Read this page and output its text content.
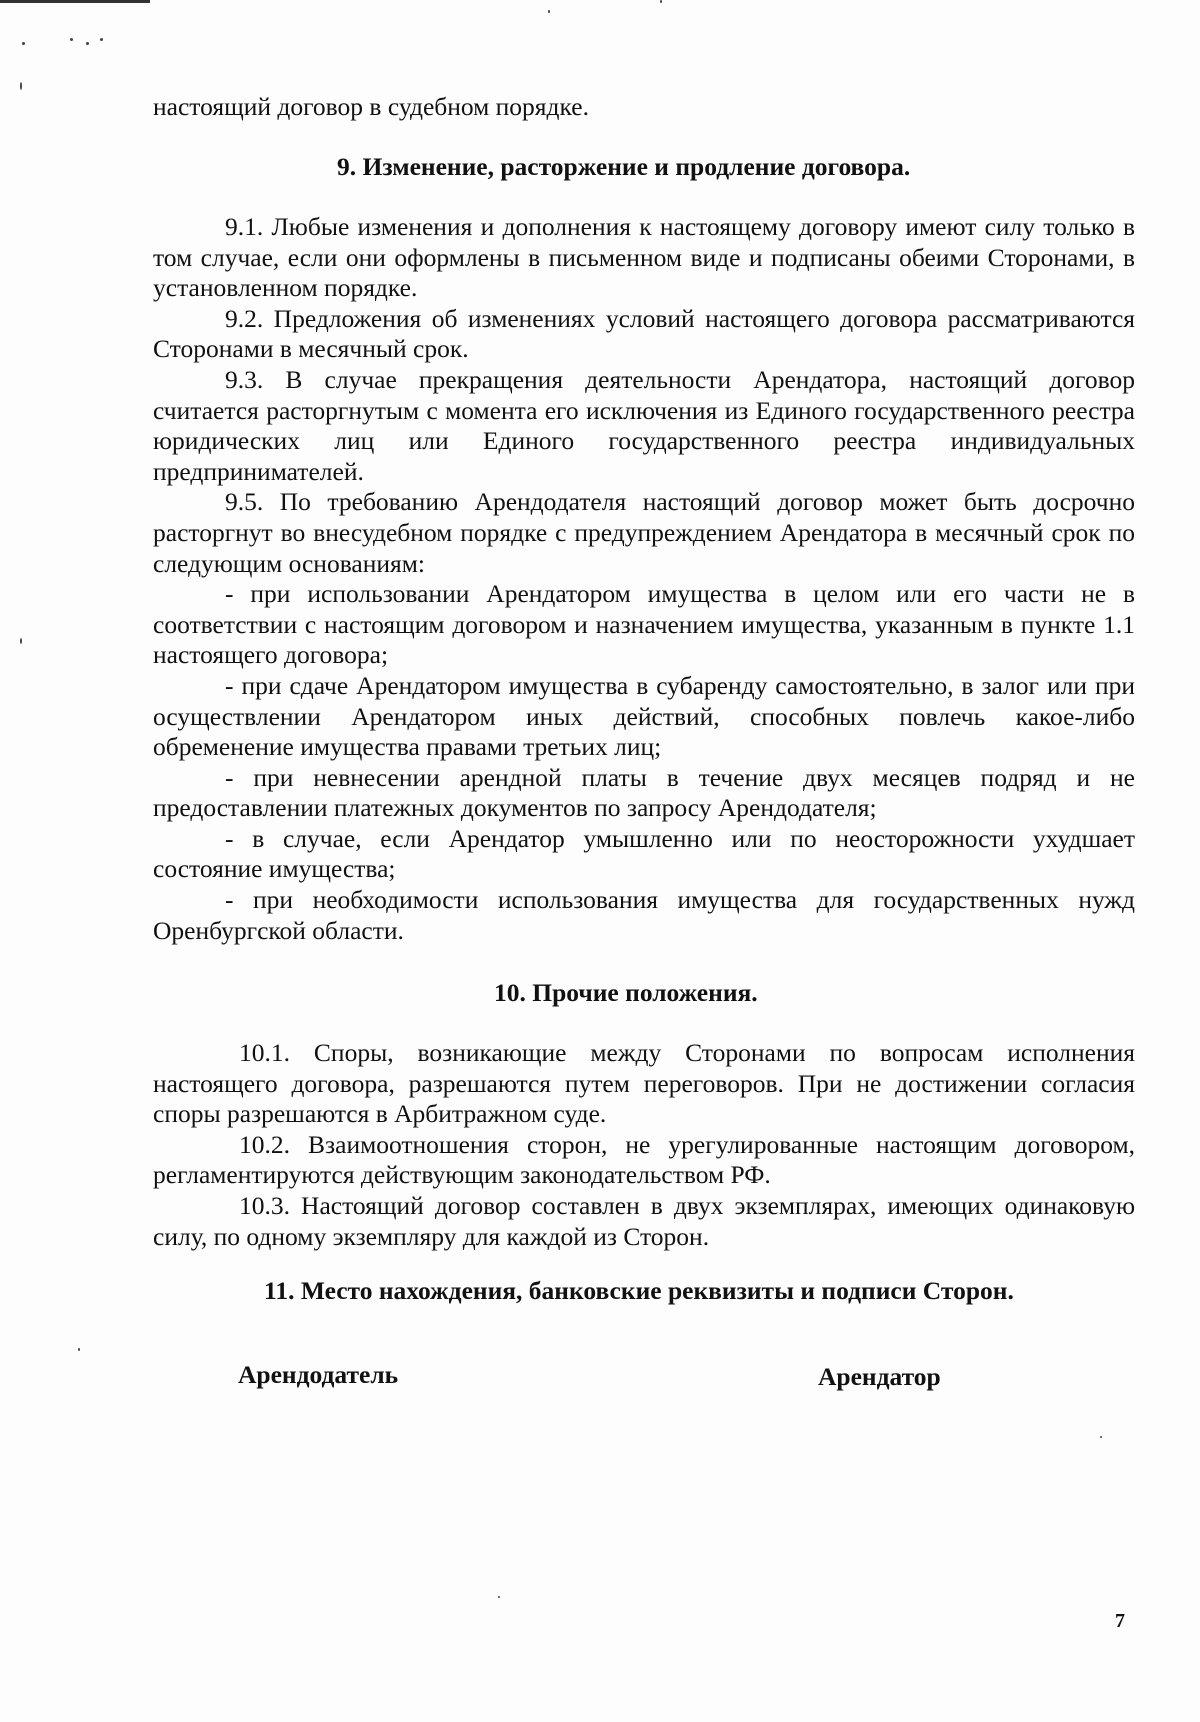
настоящий договор в судебном порядке.

9. Изменение, расторжение и продление договора.

9.1. Любые изменения и дополнения к настоящему договору имеют силу только в том случае, если они оформлены в письменном виде и подписаны обеими Сторонами, в установленном порядке.

9.2. Предложения об изменениях условий настоящего договора рассматриваются Сторонами в месячный срок.

9.3. В случае прекращения деятельности Арендатора, настоящий договор считается расторгнутым с момента его исключения из Единого государственного реестра юридических лиц или Единого государственного реестра индивидуальных предпринимателей.

9.5. По требованию Арендодателя настоящий договор может быть досрочно расторгнут во внесудебном порядке с предупреждением Арендатора в месячный срок по следующим основаниям:

- при использовании Арендатором имущества в целом или его части не в соответствии с настоящим договором и назначением имущества, указанным в пункте 1.1 настоящего договора;

- при сдаче Арендатором имущества в субаренду самостоятельно, в залог или при осуществлении Арендатором иных действий, способных повлечь какое-либо обременение имущества правами третьих лиц;

- при невнесении арендной платы в течение двух месяцев подряд и не предоставлении платежных документов по запросу Арендодателя;

- в случае, если Арендатор умышленно или по неосторожности ухудшает состояние имущества;

- при необходимости использования имущества для государственных нужд Оренбургской области.

10. Прочие положения.

10.1. Споры, возникающие между Сторонами по вопросам исполнения настоящего договора, разрешаются путем переговоров. При не достижении согласия споры разрешаются в Арбитражном суде.

10.2. Взаимоотношения сторон, не урегулированные настоящим договором, регламентируются действующим законодательством РФ.

10.3. Настоящий договор составлен в двух экземплярах, имеющих одинаковую силу, по одному экземпляру для каждой из Сторон.

11. Место нахождения, банковские реквизиты и подписи Сторон.
Арендодатель	Арендатор
7
